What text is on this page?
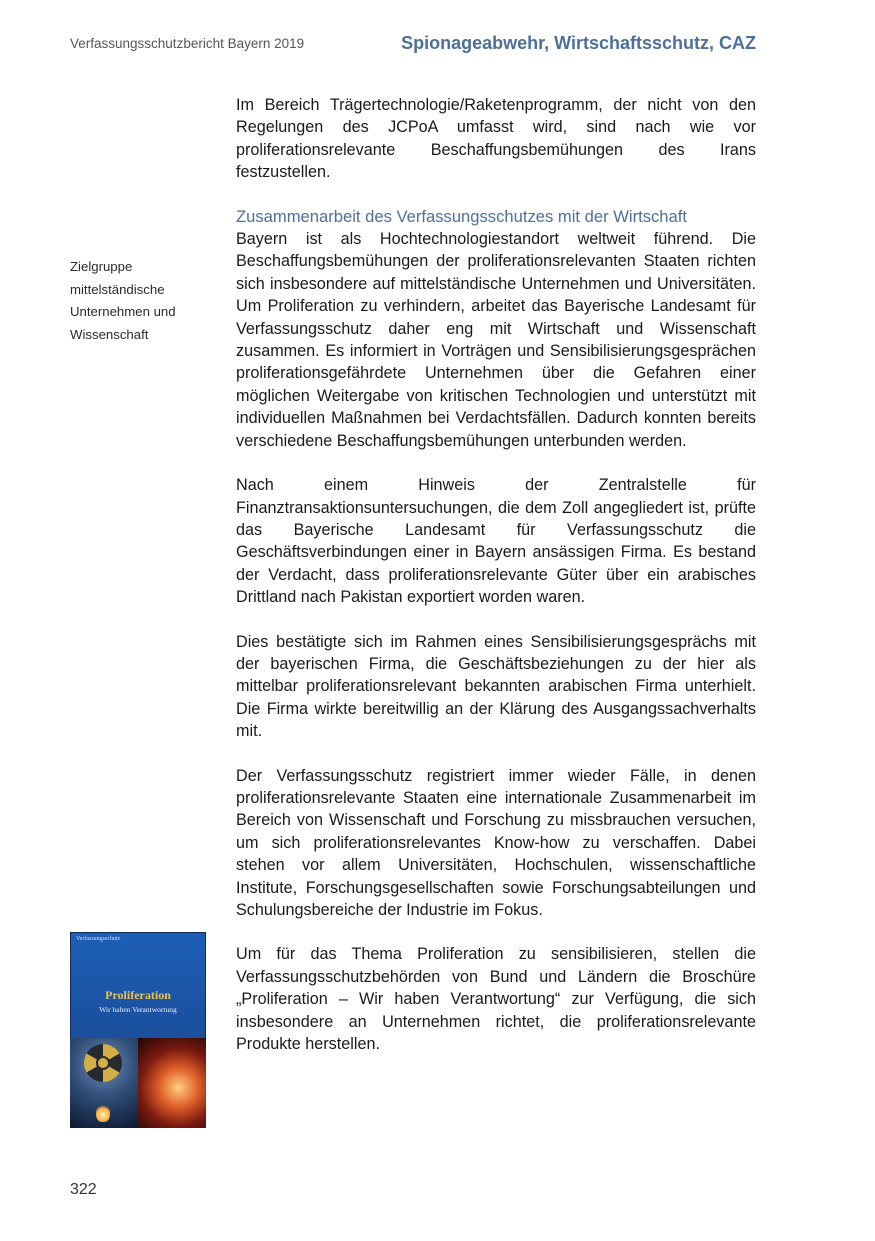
Verfassungsschutzbericht Bayern 2019	Spionageabwehr, Wirtschaftsschutz, CAZ
Zielgruppe
mittelständische
Unternehmen und
Wissenschaft

Im Bereich Trägertechnologie/Raketenprogramm, der nicht von den Regelungen des JCPoA umfasst wird, sind nach wie vor proliferationsrelevante Beschaffungsbemühungen des Irans festzustellen.

Zusammenarbeit des Verfassungsschutzes mit der Wirtschaft

Bayern ist als Hochtechnologiestandort weltweit führend. Die Beschaffungsbemühungen der proliferationsrelevanten Staaten richten sich insbesondere auf mittelständische Unternehmen und Universitäten. Um Proliferation zu verhindern, arbeitet das Bayerische Landesamt für Verfassungsschutz daher eng mit Wirtschaft und Wissenschaft zusammen. Es informiert in Vorträgen und Sensibilisierungsgesprächen proliferationsgefährdete Unternehmen über die Gefahren einer möglichen Weitergabe von kritischen Technologien und unterstützt mit individuellen Maßnahmen bei Verdachtsfällen. Dadurch konnten bereits verschiedene Beschaffungsbemühungen unterbunden werden.

Nach einem Hinweis der Zentralstelle für Finanztransaktionsuntersuchungen, die dem Zoll angegliedert ist, prüfte das Bayerische Landesamt für Verfassungsschutz die Geschäftsverbindungen einer in Bayern ansässigen Firma. Es bestand der Verdacht, dass proliferationsrelevante Güter über ein arabisches Drittland nach Pakistan exportiert worden waren.

Dies bestätigte sich im Rahmen eines Sensibilisierungsgesprächs mit der bayerischen Firma, die Geschäftsbeziehungen zu der hier als mittelbar proliferationsrelevant bekannten arabischen Firma unterhielt. Die Firma wirkte bereitwillig an der Klärung des Ausgangssachverhalts mit.

Der Verfassungsschutz registriert immer wieder Fälle, in denen proliferationsrelevante Staaten eine internationale Zusammenarbeit im Bereich von Wissenschaft und Forschung zu missbrauchen versuchen, um sich proliferationsrelevantes Know-how zu verschaffen. Dabei stehen vor allem Universitäten, Hochschulen, wissenschaftliche Institute, Forschungsgesellschaften sowie Forschungsabteilungen und Schulungsbereiche der Industrie im Fokus.

Um für das Thema Proliferation zu sensibilisieren, stellen die Verfassungsschutzbehörden von Bund und Ländern die Broschüre „Proliferation – Wir haben Verantwortung“ zur Verfügung, die sich insbesondere an Unternehmen richtet, die proliferationsrelevante Produkte herstellen.

Verfassungsschutz
Proliferation
Wir haben Verantwortung
322
